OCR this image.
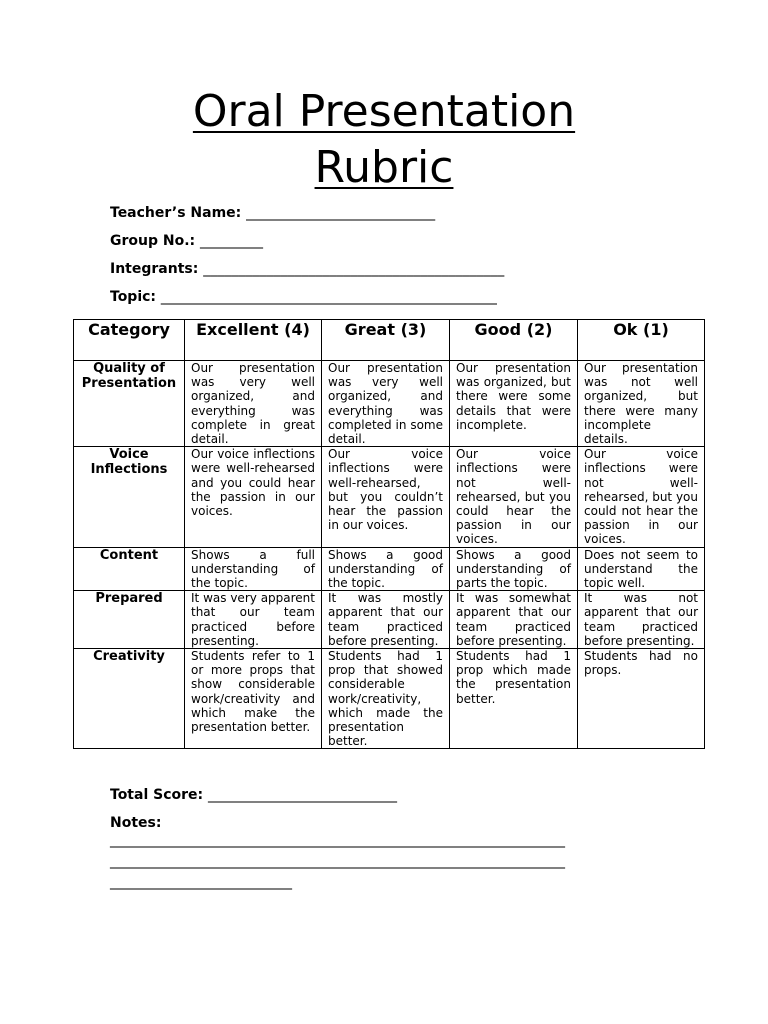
Oral Presentation
Rubric
Teacher’s Name: ___________________________
Group No.: _________
Integrants: ___________________________________________
Topic: ________________________________________________
Category	Excellent (4)	Great (3)	Good (2)	Ok (1)
Quality of Presentation	Our presentation was very well organized, and everything was complete in great detail.	Our presentation was very well organized, and everything was completed in some detail.	Our presentation was organized, but there were some details that were incomplete.	Our presentation was not well organized, but there were many incomplete details.
Voice Inflections	Our voice inflections were well-rehearsed and you could hear the passion in our voices.	Our voice inflections were well-rehearsed, but you couldn’t hear the passion in our voices.	Our voice inflections were not well-rehearsed, but you could hear the passion in our voices.	Our voice inflections were not well-rehearsed, but you could not hear the passion in our voices.
Content	Shows a full understanding of the topic.	Shows a good understanding of the topic.	Shows a good understanding of parts the topic.	Does not seem to understand the topic well.
Prepared	It was very apparent that our team practiced before presenting.	It was mostly apparent that our team practiced before presenting.	It was somewhat apparent that our team practiced before presenting.	It was not apparent that our team practiced before presenting.
Creativity	Students refer to 1 or more props that show considerable work/creativity and which make the presentation better.	Students had 1 prop that showed considerable work/creativity, which made the presentation better.	Students had 1 prop which made the presentation better.	Students had no props.
Total Score: ___________________________
Notes:
_________________________________________________________________
_________________________________________________________________
__________________________
